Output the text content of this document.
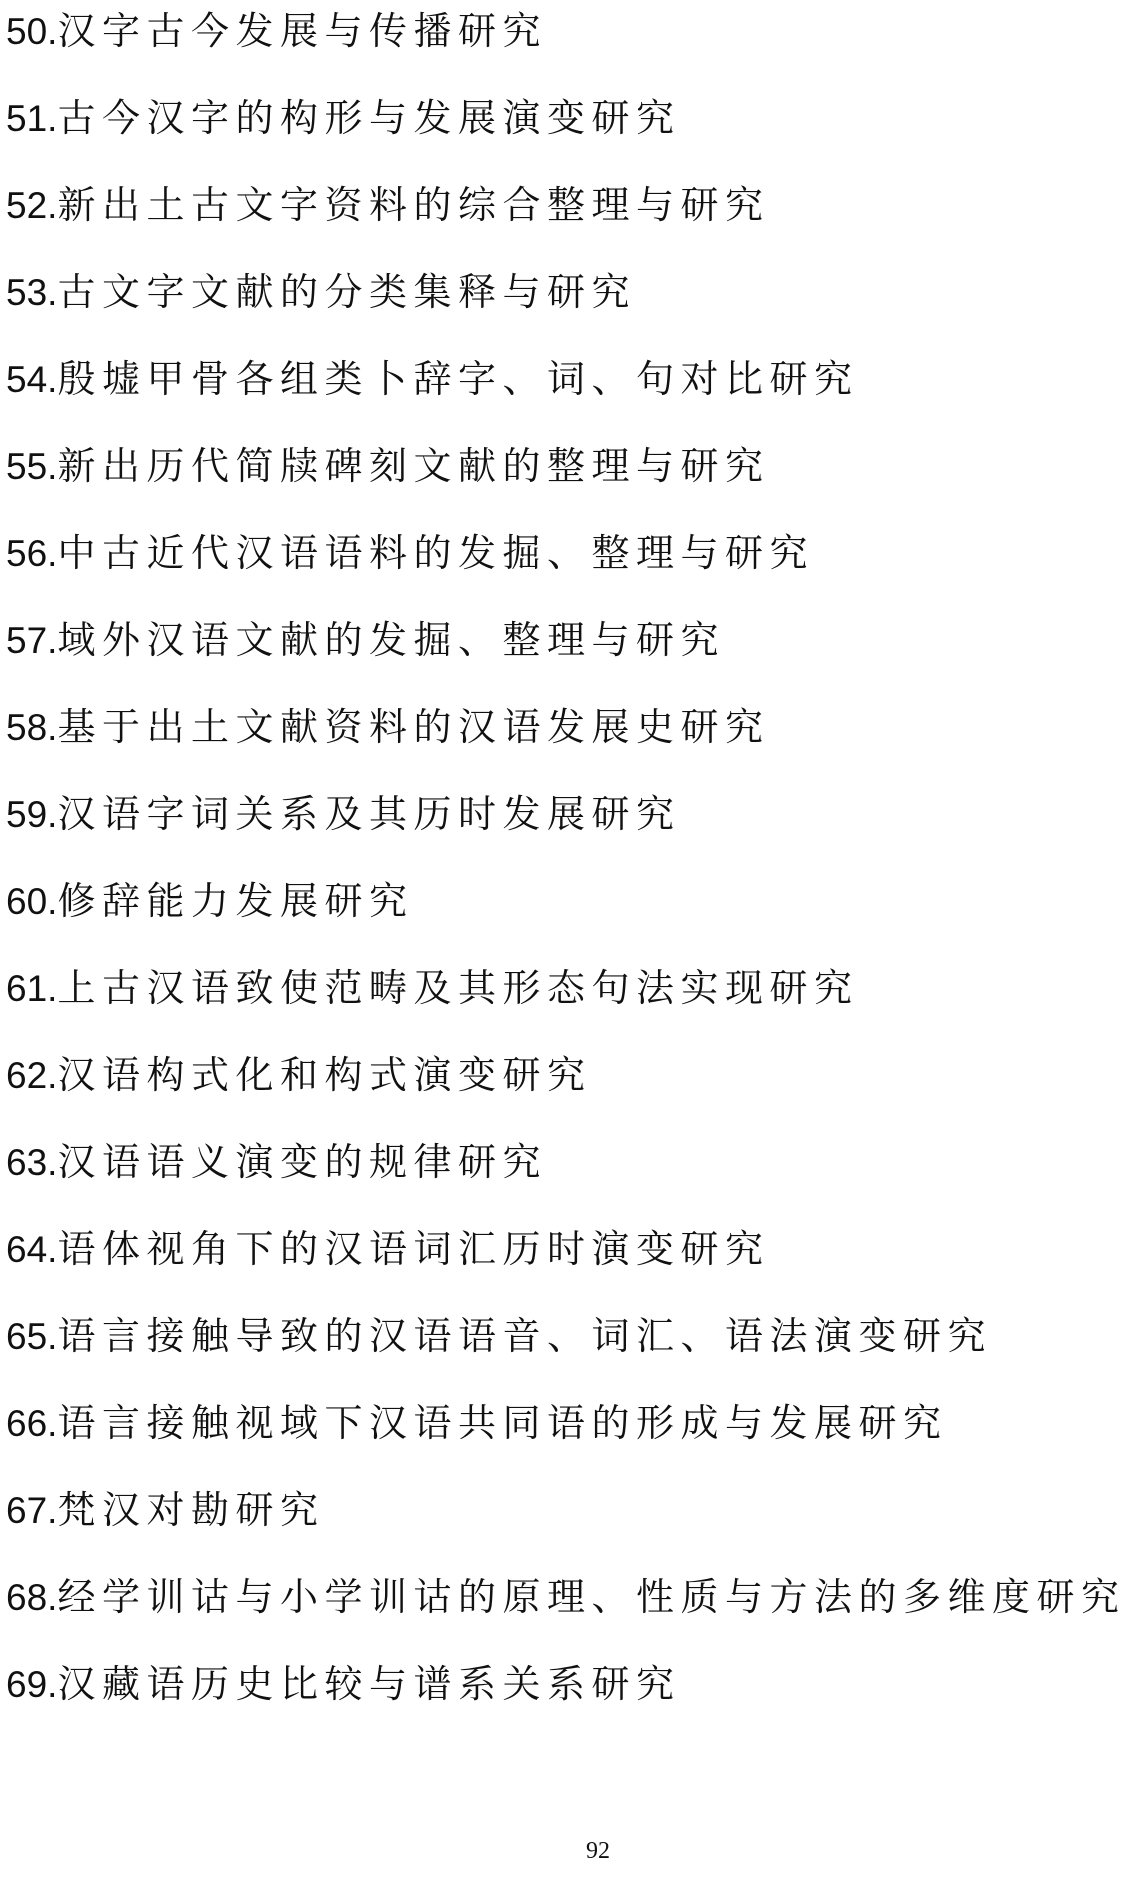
50.汉字古今发展与传播研究
51.古今汉字的构形与发展演变研究
52.新出土古文字资料的综合整理与研究
53.古文字文献的分类集释与研究
54.殷墟甲骨各组类卜辞字、词、句对比研究
55.新出历代简牍碑刻文献的整理与研究
56.中古近代汉语语料的发掘、整理与研究
57.域外汉语文献的发掘、整理与研究
58.基于出土文献资料的汉语发展史研究
59.汉语字词关系及其历时发展研究
60.修辞能力发展研究
61.上古汉语致使范畴及其形态句法实现研究
62.汉语构式化和构式演变研究
63.汉语语义演变的规律研究
64.语体视角下的汉语词汇历时演变研究
65.语言接触导致的汉语语音、词汇、语法演变研究
66.语言接触视域下汉语共同语的形成与发展研究
67.梵汉对勘研究
68.经学训诂与小学训诂的原理、性质与方法的多维度研究
69.汉藏语历史比较与谱系关系研究
92
